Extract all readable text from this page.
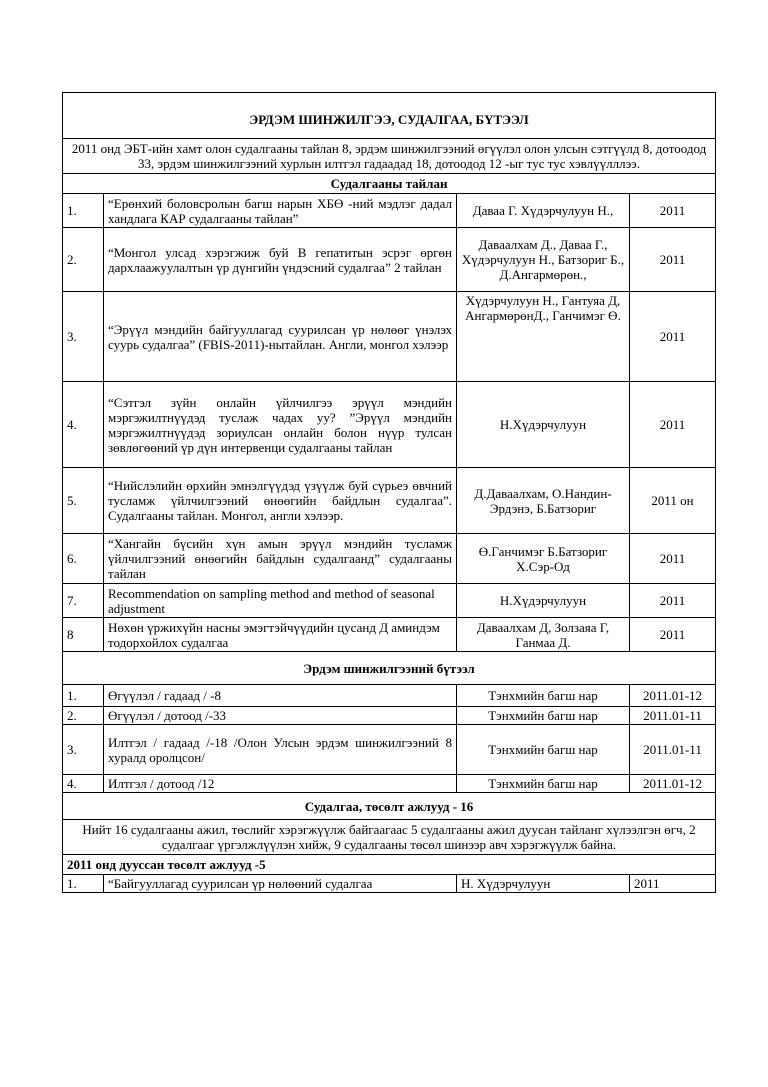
ЭРДЭМ ШИНЖИЛГЭЭ, СУДАЛГАА, БҮТЭЭЛ			
2011 онд ЭБТ-ийн хамт олон судалгааны тайлан 8, эрдэм шинжилгээний өгүүлэл олон улсын сэтгүүлд 8, дотоодод 33, эрдэм шинжилгээний хурлын илтгэл гадаадад 18, дотоодод 12 -ыг тус тус хэвлүүлллээ.			
Судалгааны тайлан			
1.	“Ерөнхий боловсролын багш нарын ХБӨ -ний мэдлэг дадал хандлага КАР судалгааны тайлан”	Даваа Г. Хүдэрчулуун Н.,	2011
2.	“Монгол улсад хэрэгжиж буй В гепатитын эсрэг өргөн дархлаажуулалтын үр дүнгийн үндэсний судалгаа” 2 тайлан	Даваалхам Д., Даваа Г., Хүдэрчулуун Н., Батзориг Б., Д.Ангармөрөн.,	2011
3.	“Эрүүл мэндийн байгууллагад суурилсан үр нөлөөг үнэлэх суурь судалгаа” (FBIS-2011)-нытайлан. Англи, монгол хэлээр	Хүдэрчулуун Н., Гантуяа Д, АнгармөрөнД., Ганчимэг Ө.	2011
4.	“Сэтгэл зүйн онлайн үйлчилгээ эрүүл мэндийн мэргэжилтнүүдэд туслаж чадах уу? ”Эрүүл мэндийн мэргэжилтнүүдэд зориулсан онлайн болон нүүр тулсан зөвлөгөөний үр дүн интервенци судалгааны тайлан	Н.Хүдэрчулуун	2011
5.	“Нийслэлийн өрхийн эмнэлгүүдэд үзүүлж буй сүрьеэ өвчний тусламж үйлчилгээний өнөөгийн байдлын судалгаа”. Судалгааны тайлан. Монгол, англи хэлээр.	Д.Даваалхам, О.Нандин-Эрдэнэ, Б.Батзориг	2011 он
6.	“Хангайн бүсийн хүн амын эрүүл мэндийн тусламж үйлчилгээний өнөөгийн байдлын судалгаанд” судалгааны тайлан	Ө.Ганчимэг Б.Батзориг Х.Сэр-Од	2011
7.	Recommendation on sampling method and method of seasonal adjustment	Н.Хүдэрчулуун	2011
8	Нөхөн үржихүйн насны эмэгтэйчүүдийн цусанд Д аминдэм тодорхойлох судалгаа	Даваалхам Д, Золзаяа Г, Ганмаа Д.	2011
Эрдэм шинжилгээний бүтээл			
1.	Өгүүлэл / гадаад / -8	Тэнхмийн багш нар	2011.01-12
2.	Өгүүлэл / дотоод /-33	Тэнхмийн багш нар	2011.01-11
3.	Илтгэл / гадаад /-18 /Олон Улсын эрдэм шинжилгээний 8 хуралд оролцсон/	Тэнхмийн багш нар	2011.01-11
4.	Илтгэл / дотоод /12	Тэнхмийн багш нар	2011.01-12
Судалгаа, төсөлт ажлууд - 16			
Нийт 16 судалгааны ажил, төслийг хэрэгжүүлж байгаагаас 5 судалгааны ажил дуусан тайланг хүлээлгэн өгч, 2 судалгааг үргэлжлүүлэн хийж, 9 судалгааны төсөл шинээр авч хэрэгжүүлж байна.			
2011 онд дууссан төсөлт ажлууд -5			
1.	“Байгууллагад суурилсан үр нөлөөний судалгаа	Н. Хүдэрчулуун	2011
